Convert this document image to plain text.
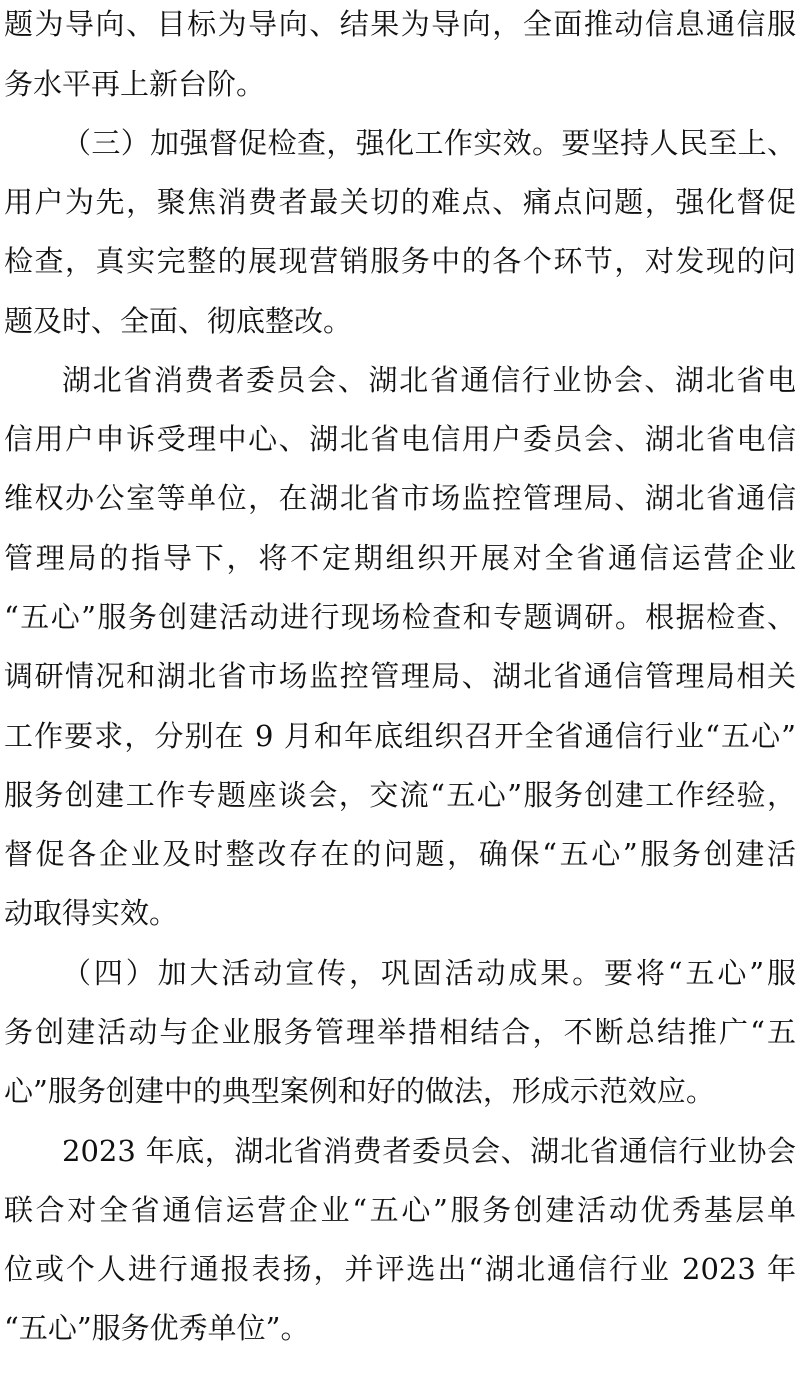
题为导向、目标为导向、结果为导向，全面推动信息通信服
务水平再上新台阶。
（三）加强督促检查，强化工作实效。要坚持人民至上、
用户为先，聚焦消费者最关切的难点、痛点问题，强化督促
检查，真实完整的展现营销服务中的各个环节，对发现的问
题及时、全面、彻底整改。
湖北省消费者委员会、湖北省通信行业协会、湖北省电
信用户申诉受理中心、湖北省电信用户委员会、湖北省电信
维权办公室等单位，在湖北省市场监控管理局、湖北省通信
管理局的指导下，将不定期组织开展对全省通信运营企业
“五心”服务创建活动进行现场检查和专题调研。根据检查、
调研情况和湖北省市场监控管理局、湖北省通信管理局相关
工作要求，分别在 9 月和年底组织召开全省通信行业“五心”
服务创建工作专题座谈会，交流“五心”服务创建工作经验，
督促各企业及时整改存在的问题，确保“五心”服务创建活
动取得实效。
（四）加大活动宣传，巩固活动成果。要将“五心”服
务创建活动与企业服务管理举措相结合，不断总结推广“五
心”服务创建中的典型案例和好的做法，形成示范效应。
2023 年底，湖北省消费者委员会、湖北省通信行业协会
联合对全省通信运营企业“五心”服务创建活动优秀基层单
位或个人进行通报表扬，并评选出“湖北通信行业 2023 年
“五心”服务优秀单位”。
